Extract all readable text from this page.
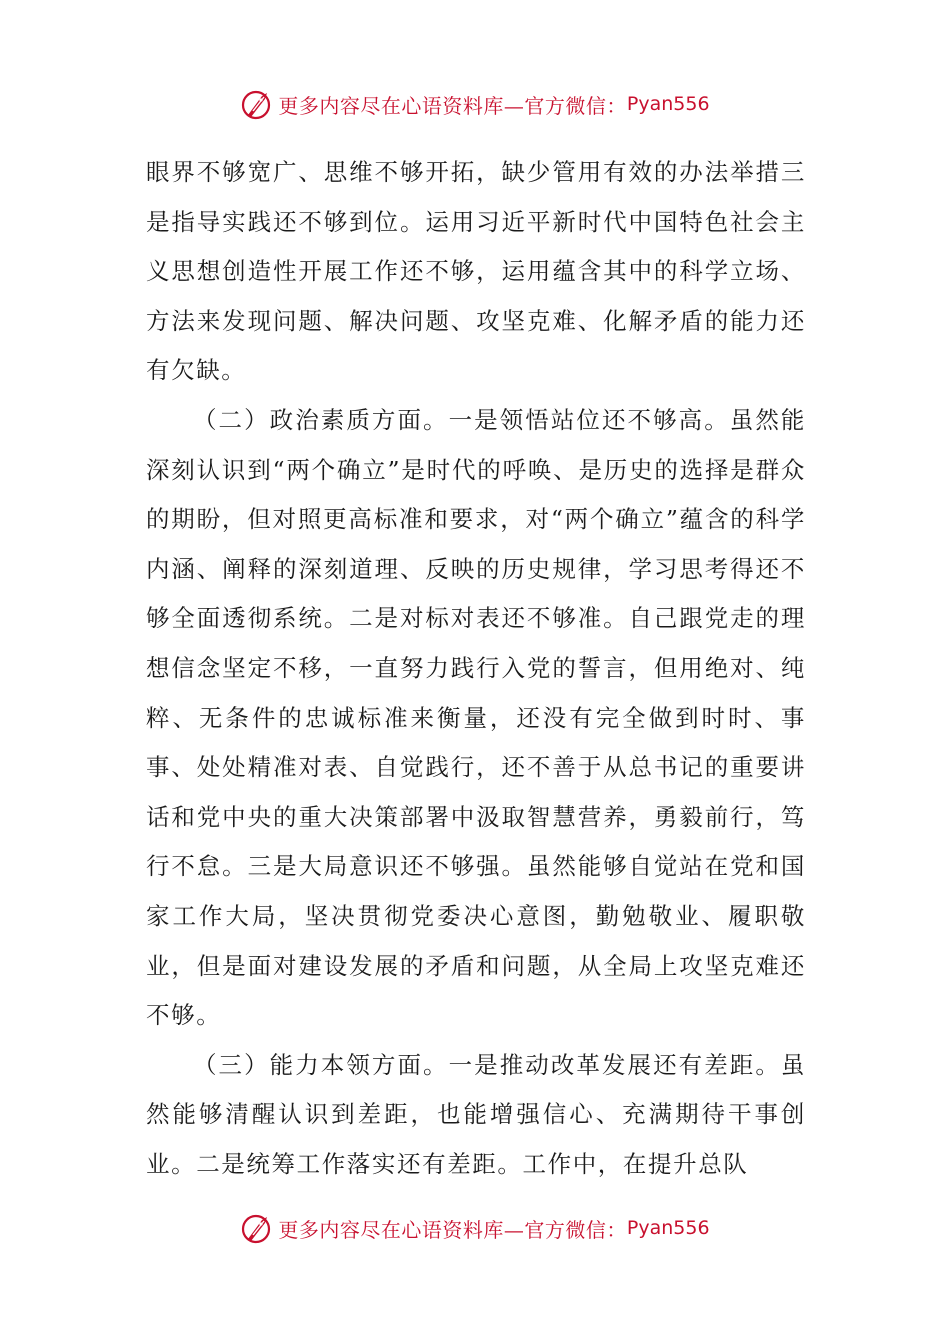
更多内容尽在心语资料库—官方微信： Pyan556

眼界不够宽广、思维不够开拓，缺少管用有效的办法举措三是指导实践还不够到位。运用习近平新时代中国特色社会主义思想创造性开展工作还不够，运用蕴含其中的科学立场、方法来发现问题、解决问题、攻坚克难、化解矛盾的能力还有欠缺。

（二）政治素质方面。一是领悟站位还不够高。虽然能深刻认识到“两个确立”是时代的呼唤、是历史的选择是群众的期盼，但对照更高标准和要求，对“两个确立”蕴含的科学内涵、阐释的深刻道理、反映的历史规律，学习思考得还不够全面透彻系统。二是对标对表还不够准。自己跟党走的理想信念坚定不移，一直努力践行入党的誓言，但用绝对、纯粹、无条件的忠诚标准来衡量，还没有完全做到时时、事事、处处精准对表、自觉践行，还不善于从总书记的重要讲话和党中央的重大决策部署中汲取智慧营养，勇毅前行，笃行不怠。三是大局意识还不够强。虽然能够自觉站在党和国家工作大局，坚决贯彻党委决心意图，勤勉敬业、履职敬业，但是面对建设发展的矛盾和问题，从全局上攻坚克难还不够。

（三）能力本领方面。一是推动改革发展还有差距。虽然能够清醒认识到差距，也能增强信心、充满期待干事创业。二是统筹工作落实还有差距。工作中，在提升总队

更多内容尽在心语资料库—官方微信： Pyan556
